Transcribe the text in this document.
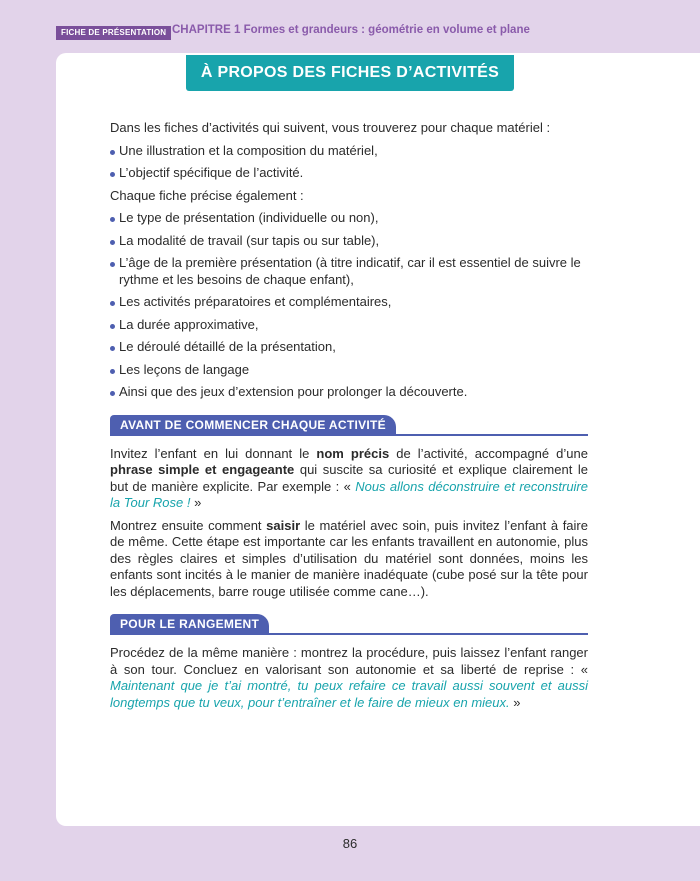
FICHE DE PRÉSENTATION CHAPITRE 1 Formes et grandeurs : géométrie en volume et plane
À PROPOS DES FICHES D’ACTIVITÉS

Dans les fiches d’activités qui suivent, vous trouverez pour chaque matériel :

Une illustration et la composition du matériel,
L’objectif spécifique de l’activité.

Chaque fiche précise également :

Le type de présentation (individuelle ou non),
La modalité de travail (sur tapis ou sur table),
L’âge de la première présentation (à titre indicatif, car il est essentiel de suivre le rythme et les besoins de chaque enfant),
Les activités préparatoires et complémentaires,
La durée approximative,
Le déroulé détaillé de la présentation,
Les leçons de langage
Ainsi que des jeux d’extension pour prolonger la découverte.
AVANT DE COMMENCER CHAQUE ACTIVITÉ

Invitez l’enfant en lui donnant le nom précis de l’activité, accompagné d’une phrase simple et engageante qui suscite sa curiosité et explique clairement le but de manière explicite. Par exemple : « Nous allons déconstruire et reconstruire la Tour Rose ! »

Montrez ensuite comment saisir le matériel avec soin, puis invitez l’enfant à faire de même. Cette étape est importante car les enfants travaillent en autonomie, plus des règles claires et simples d’utilisation du matériel sont données, moins les enfants sont incités à le manier de manière inadéquate (cube posé sur la tête pour les déplacements, barre rouge utilisée comme cane…).

POUR LE RANGEMENT

Procédez de la même manière : montrez la procédure, puis laissez l’enfant ranger à son tour. Concluez en valorisant son autonomie et sa liberté de reprise : « Maintenant que je t’ai montré, tu peux refaire ce travail aussi souvent et aussi longtemps que tu veux, pour t’entraîner et le faire de mieux en mieux. »

86
